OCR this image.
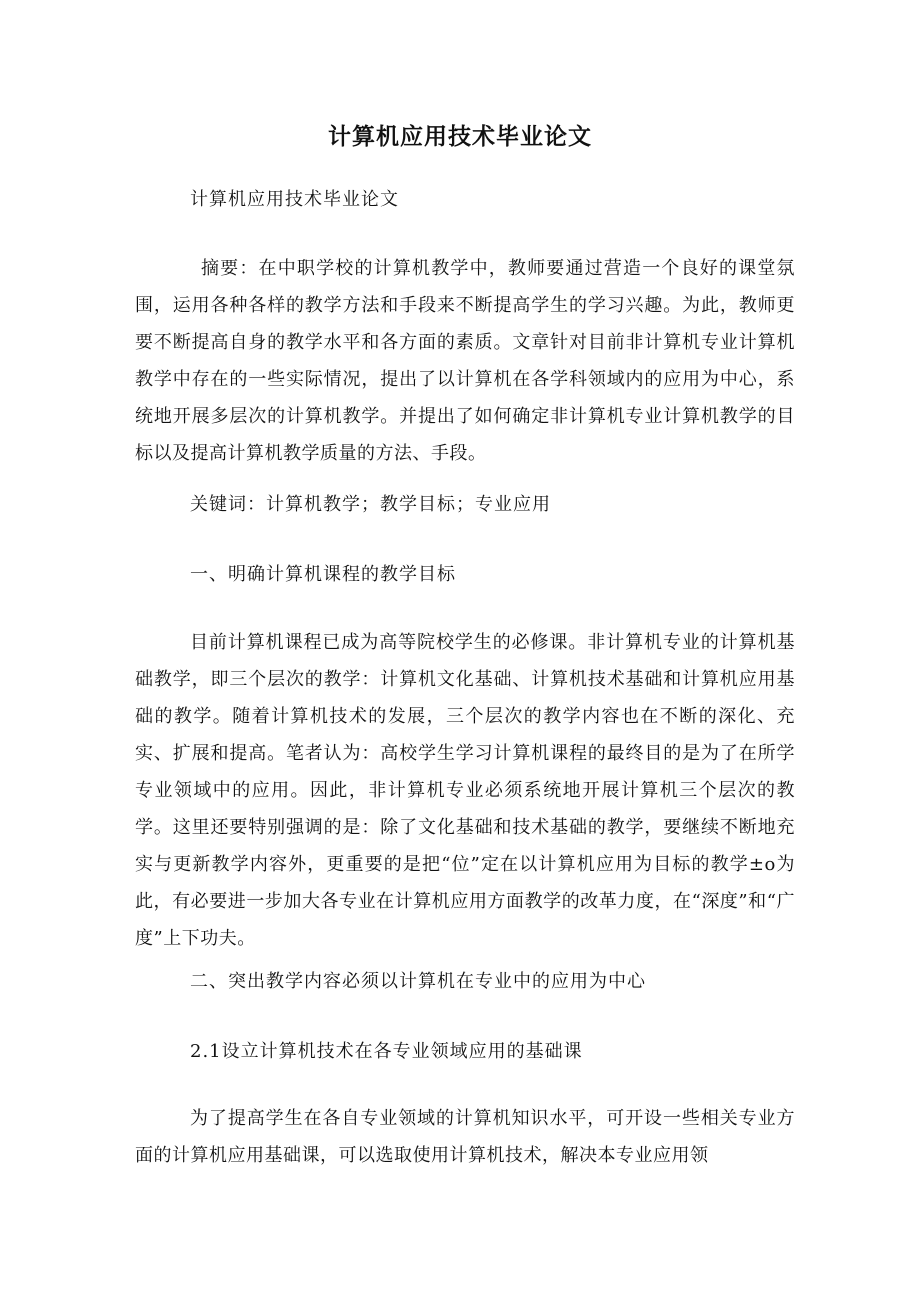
计算机应用技术毕业论文

计算机应用技术毕业论文

摘要：在中职学校的计算机教学中，教师要通过营造一个良好的课堂氛围，运用各种各样的教学方法和手段来不断提高学生的学习兴趣。为此，教师更要不断提高自身的教学水平和各方面的素质。文章针对目前非计算机专业计算机教学中存在的一些实际情况，提出了以计算机在各学科领域内的应用为中心，系统地开展多层次的计算机教学。并提出了如何确定非计算机专业计算机教学的目标以及提高计算机教学质量的方法、手段。

关键词：计算机教学；教学目标；专业应用

一、明确计算机课程的教学目标

目前计算机课程已成为高等院校学生的必修课。非计算机专业的计算机基础教学，即三个层次的教学：计算机文化基础、计算机技术基础和计算机应用基础的教学。随着计算机技术的发展，三个层次的教学内容也在不断的深化、充实、扩展和提高。笔者认为：高校学生学习计算机课程的最终目的是为了在所学专业领域中的应用。因此，非计算机专业必须系统地开展计算机三个层次的教学。这里还要特别强调的是：除了文化基础和技术基础的教学，要继续不断地充实与更新教学内容外，更重要的是把“位”定在以计算机应用为目标的教学±o为此，有必要进一步加大各专业在计算机应用方面教学的改革力度，在“深度”和“广度”上下功夫。

二、突出教学内容必须以计算机在专业中的应用为中心

2.1设立计算机技术在各专业领域应用的基础课

为了提高学生在各自专业领域的计算机知识水平，可开设一些相关专业方面的计算机应用基础课，可以选取使用计算机技术，解决本专业应用领
